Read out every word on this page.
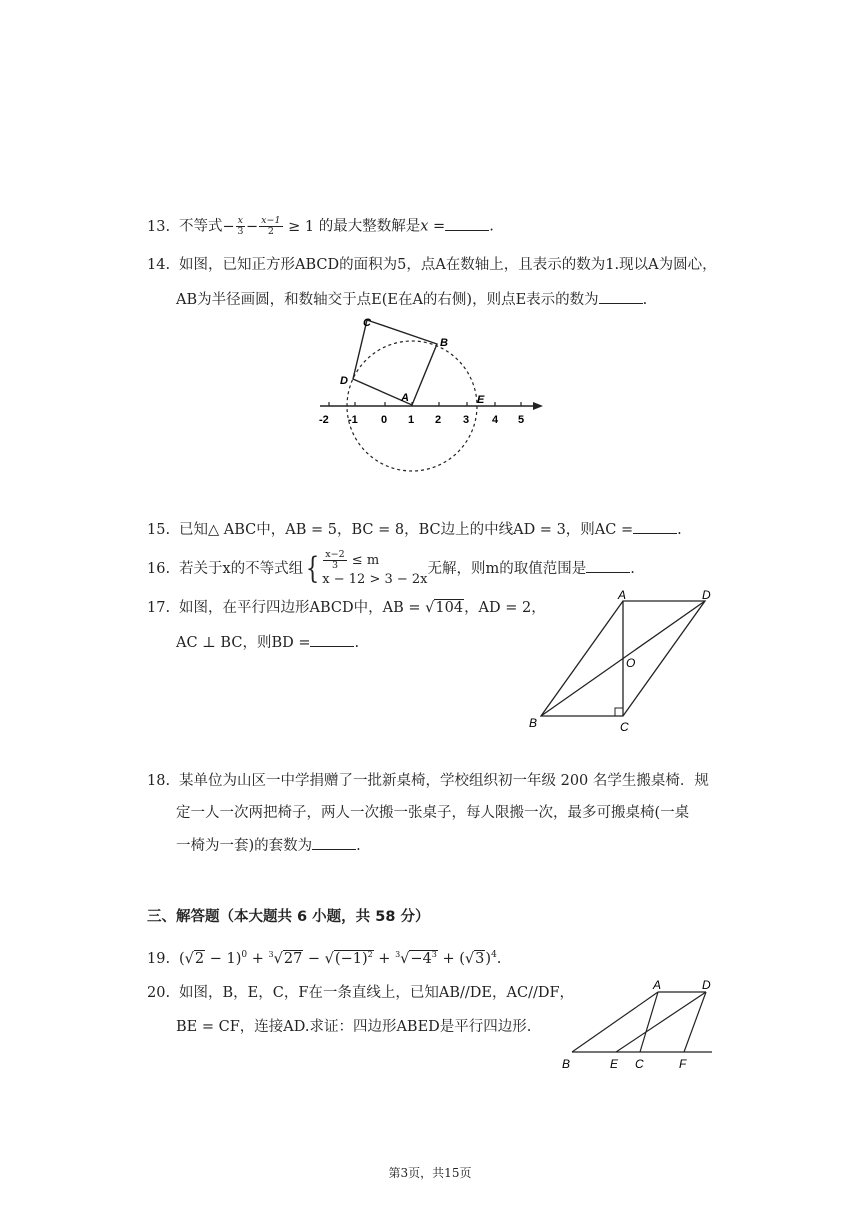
13. 不等式− $\frac{x}{3} - \frac{x-1}{2} \ge 1$ 的最大整数解是x =	.
14. 如图，已知正方形ABCD的面积为5，点A在数轴上，且表示的数为1.现以A为圆心，
AB为半径画圆，和数轴交于点E(E在A的右侧)，则点E表示的数为	.
C
B
D
A	E
-2 -1 0 1 2 3 4 5
15. 已知△ ABC中，AB = 5，BC = 8，BC边上的中线AD = 3，则AC =	.
16. 若关于x的不等式组{ $\frac{x-2}{3} \le m$
x − 12 > 3 − 2x
无解，则m的取值范围是	.
17. 如图，在平行四边形ABCD中，AB = √104，AD = 2，
AC ⊥ BC，则BD =	.
A	D
O
B	C
18. 某单位为山区一中学捐赠了一批新桌椅，学校组织初一年级 200 名学生搬桌椅．规
定一人一次两把椅子，两人一次搬一张桌子，每人限搬一次，最多可搬桌椅(一桌
一椅为一套)的套数为	.
三、解答题（本大题共 6 小题，共 58 分）
19. $(√2 - 1)^0 + ^3√27 - √(-1)^2 + ^3√-4^3 + (√3)^4$.
20. 如图，B，E，C，F在一条直线上，已知AB//DE，AC//DF，
BE = CF，连接AD.求证：四边形ABED是平行四边形.
A	D
B	E C	F
第3页，共15页
